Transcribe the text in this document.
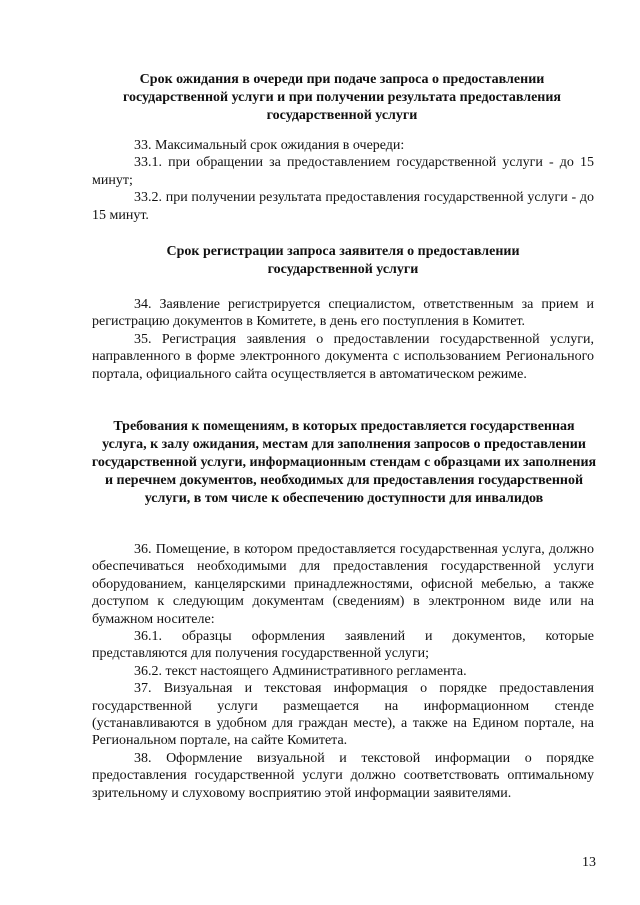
Срок ожидания в очереди при подаче запроса о предоставлении государственной услуги и при получении результата предоставления государственной услуги

33. Максимальный срок ожидания в очереди:

33.1. при обращении за предоставлением государственной услуги - до 15 минут;

33.2. при получении результата предоставления государственной услуги - до 15 минут.

Срок регистрации запроса заявителя о предоставлении государственной услуги

34. Заявление регистрируется специалистом, ответственным за прием и регистрацию документов в Комитете, в день его поступления в Комитет.

35. Регистрация заявления о предоставлении государственной услуги, направленного в форме электронного документа с использованием Регионального портала, официального сайта осуществляется в автоматическом режиме.

Требования к помещениям, в которых предоставляется государственная услуга, к залу ожидания, местам для заполнения запросов о предоставлении государственной услуги, информационным стендам с образцами их заполнения и перечнем документов, необходимых для предоставления государственной услуги, в том числе к обеспечению доступности для инвалидов

36. Помещение, в котором предоставляется государственная услуга, должно обеспечиваться необходимыми для предоставления государственной услуги оборудованием, канцелярскими принадлежностями, офисной мебелью, а также доступом к следующим документам (сведениям) в электронном виде или на бумажном носителе:

36.1. образцы оформления заявлений и документов, которые представляются для получения государственной услуги;

36.2. текст настоящего Административного регламента.

37. Визуальная и текстовая информация о порядке предоставления государственной услуги размещается на информационном стенде (устанавливаются в удобном для граждан месте), а также на Едином портале, на Региональном портале, на сайте Комитета.

38. Оформление визуальной и текстовой информации о порядке предоставления государственной услуги должно соответствовать оптимальному зрительному и слуховому восприятию этой информации заявителями.

13
